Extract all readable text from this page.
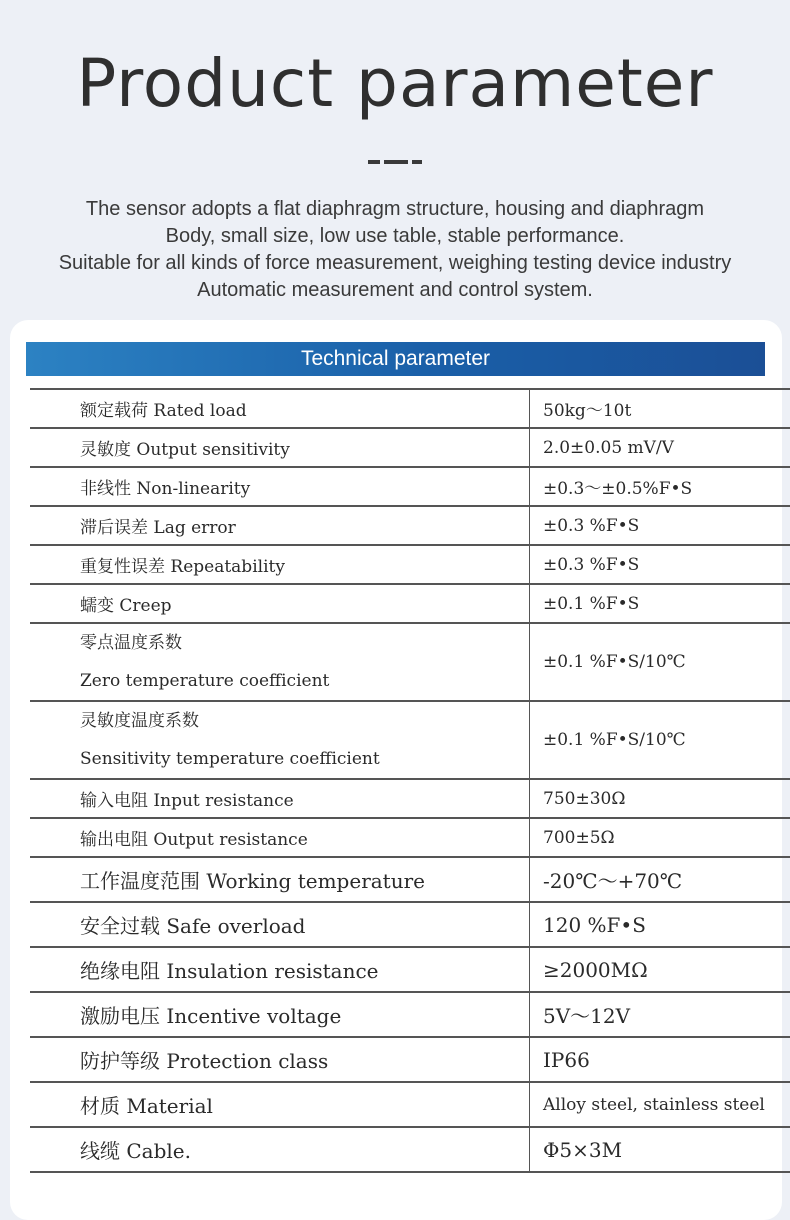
Product parameter
The sensor adopts a flat diaphragm structure, housing and diaphragm
Body, small size, low use table, stable performance.
Suitable for all kinds of force measurement, weighing testing device industry
Automatic measurement and control system.
Technical parameter
额定载荷 Rated load	50kg～10t
灵敏度 Output sensitivity	2.0±0.05 mV/V
非线性 Non-linearity	±0.3～±0.5%F•S
滞后误差 Lag error	±0.3 %F•S
重复性误差 Repeatability	±0.3 %F•S
蠕变 Creep	±0.1 %F•S

零点温度系数
Zero temperature coefficient	±0.1 %F•S/10℃

灵敏度温度系数
Sensitivity temperature coefficient	±0.1 %F•S/10℃
输入电阻 Input resistance	750±30Ω
输出电阻 Output resistance	700±5Ω
工作温度范围 Working temperature	-20℃～+70℃
安全过载 Safe overload	120 %F•S
绝缘电阻 Insulation resistance	≥2000MΩ
激励电压 Incentive voltage	5V～12V
防护等级 Protection class	IP66
材质 Material	Alloy steel, stainless steel
线缆 Cable.	Φ5×3M
